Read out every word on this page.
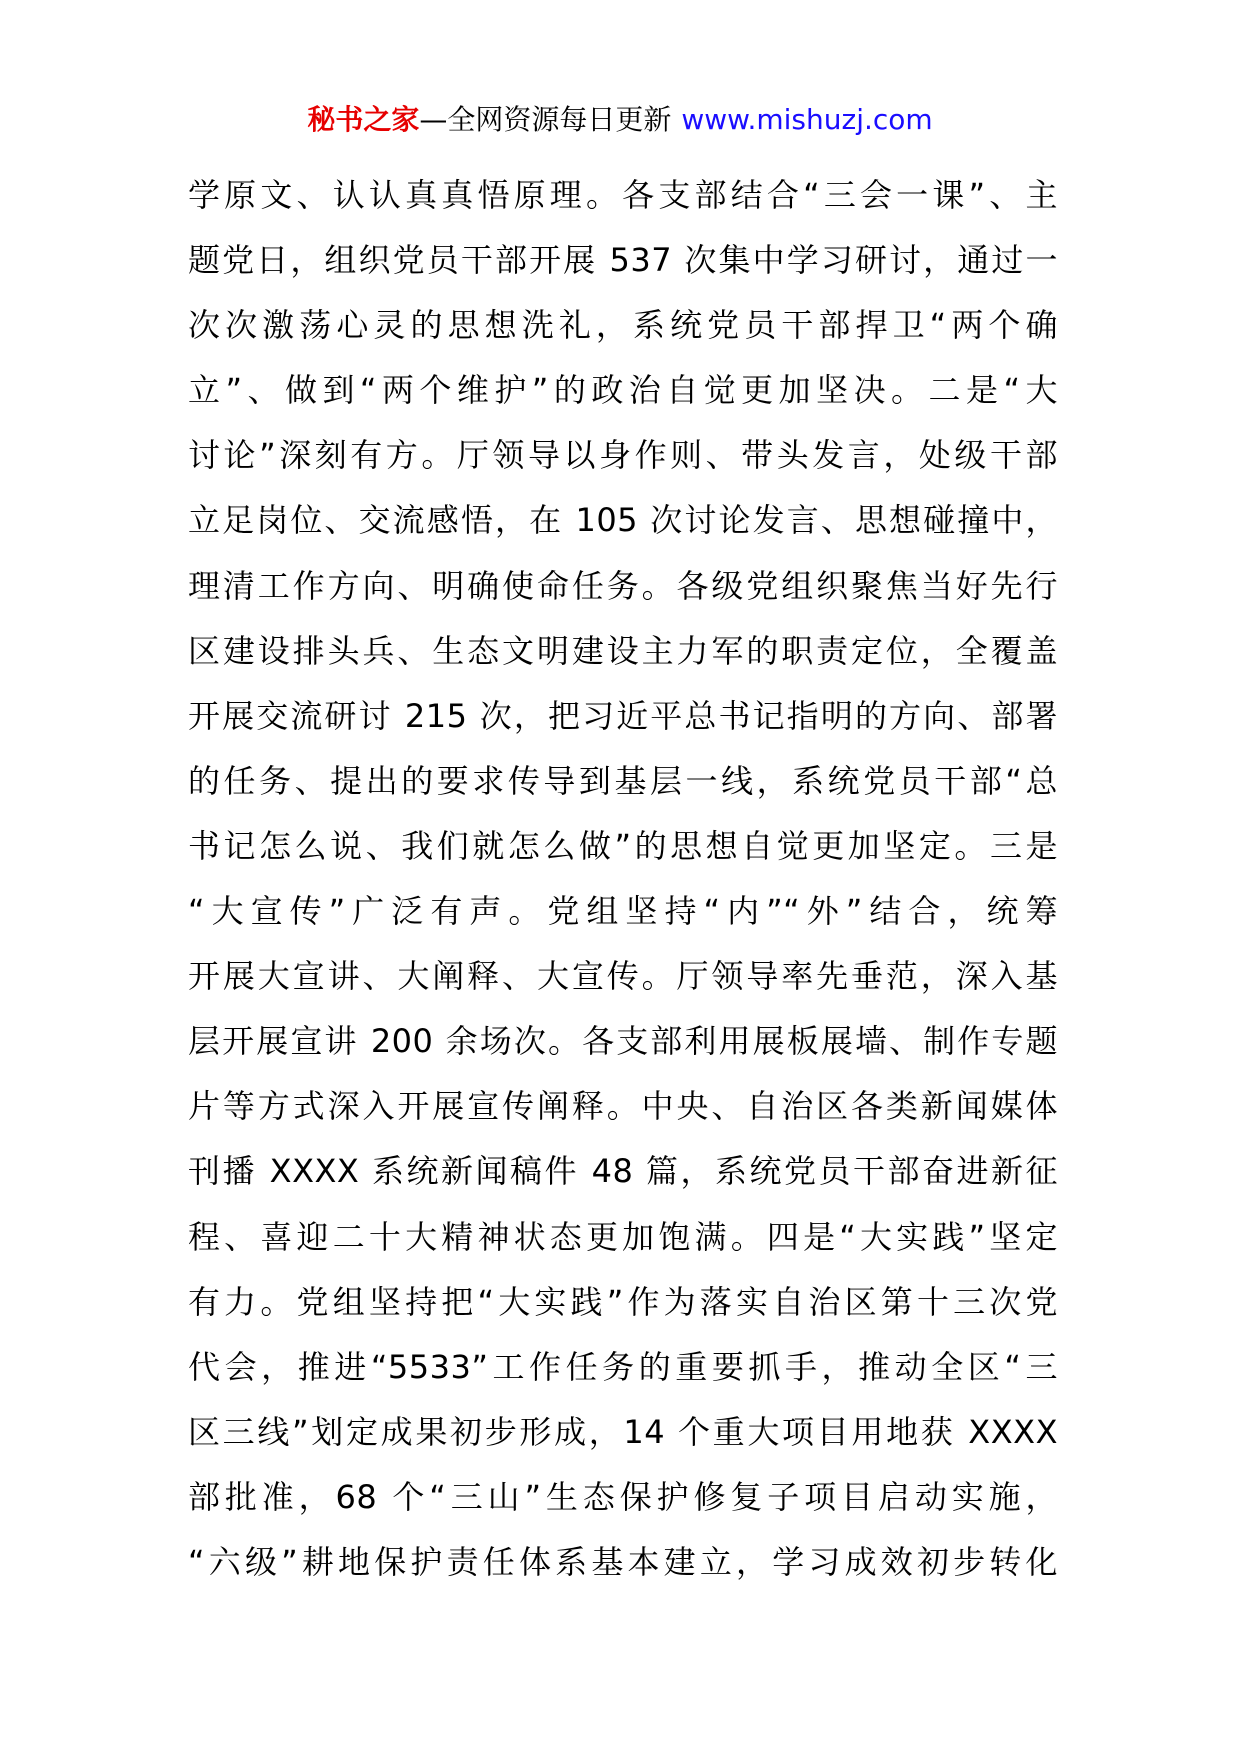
秘书之家—全网资源每日更新 www.mishuzj.com
学原文、认认真真悟原理。各支部结合“三会一课”、主
题党日，组织党员干部开展 537 次集中学习研讨，通过一
次次激荡心灵的思想洗礼，系统党员干部捍卫“两个确
立”、做到“两个维护”的政治自觉更加坚决。二是“大
讨论”深刻有方。厅领导以身作则、带头发言，处级干部
立足岗位、交流感悟，在 105 次讨论发言、思想碰撞中，
理清工作方向、明确使命任务。各级党组织聚焦当好先行
区建设排头兵、生态文明建设主力军的职责定位，全覆盖
开展交流研讨 215 次，把习近平总书记指明的方向、部署
的任务、提出的要求传导到基层一线，系统党员干部“总
书记怎么说、我们就怎么做”的思想自觉更加坚定。三是
“大宣传”广泛有声。党组坚持“内”“外”结合，统筹
开展大宣讲、大阐释、大宣传。厅领导率先垂范，深入基
层开展宣讲 200 余场次。各支部利用展板展墙、制作专题
片等方式深入开展宣传阐释。中央、自治区各类新闻媒体
刊播 XXXX 系统新闻稿件 48 篇，系统党员干部奋进新征
程、喜迎二十大精神状态更加饱满。四是“大实践”坚定
有力。党组坚持把“大实践”作为落实自治区第十三次党
代会，推进“5533”工作任务的重要抓手，推动全区“三
区三线”划定成果初步形成，14 个重大项目用地获 XXXX
部批准，68 个“三山”生态保护修复子项目启动实施，
“六级”耕地保护责任体系基本建立，学习成效初步转化
